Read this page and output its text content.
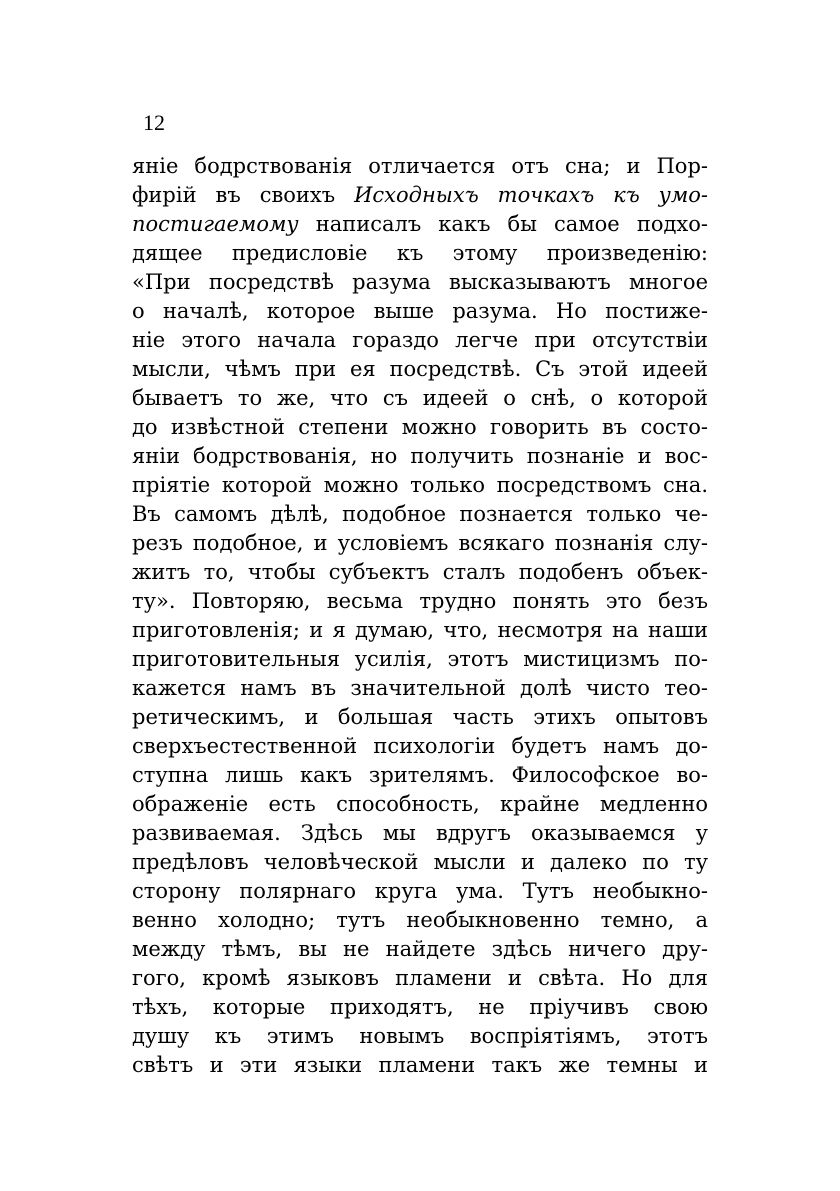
12
яніе бодрствованія отличается отъ сна; и Пор-
фирій въ своихъ Исходныхъ точкахъ къ умо-
постигаемому написалъ какъ бы самое подхо-
дящее предисловіе къ этому произведенію:
«При посредствѣ разума высказываютъ многое
о началѣ, которое выше разума. Но постиже-
ніе этого начала гораздо легче при отсутствіи
мысли, чѣмъ при ея посредствѣ. Съ этой идеей
бываетъ то же, что съ идеей о снѣ, о которой
до извѣстной степени можно говорить въ состо-
яніи бодрствованія, но получить познаніе и вос-
пріятіе которой можно только посредствомъ сна.
Въ самомъ дѣлѣ, подобное познается только че-
резъ подобное, и условіемъ всякаго познанія слу-
житъ то, чтобы субъектъ сталъ подобенъ объек-
ту». Повторяю, весьма трудно понять это безъ
приготовленія; и я думаю, что, несмотря на наши
приготовительныя усилія, этотъ мистицизмъ по-
кажется намъ въ значительной долѣ чисто тео-
ретическимъ, и большая часть этихъ опытовъ
сверхъестественной психологіи будетъ намъ до-
ступна лишь какъ зрителямъ. Философское во-
ображеніе есть способность, крайне медленно
развиваемая. Здѣсь мы вдругъ оказываемся у
предѣловъ человѣческой мысли и далеко по ту
сторону полярнаго круга ума. Тутъ необыкно-
венно холодно; тутъ необыкновенно темно, а
между тѣмъ, вы не найдете здѣсь ничего дру-
гого, кромѣ языковъ пламени и свѣта. Но для
тѣхъ, которые приходятъ, не пріучивъ свою
душу къ этимъ новымъ воспріятіямъ, этотъ
свѣтъ и эти языки пламени такъ же темны и
